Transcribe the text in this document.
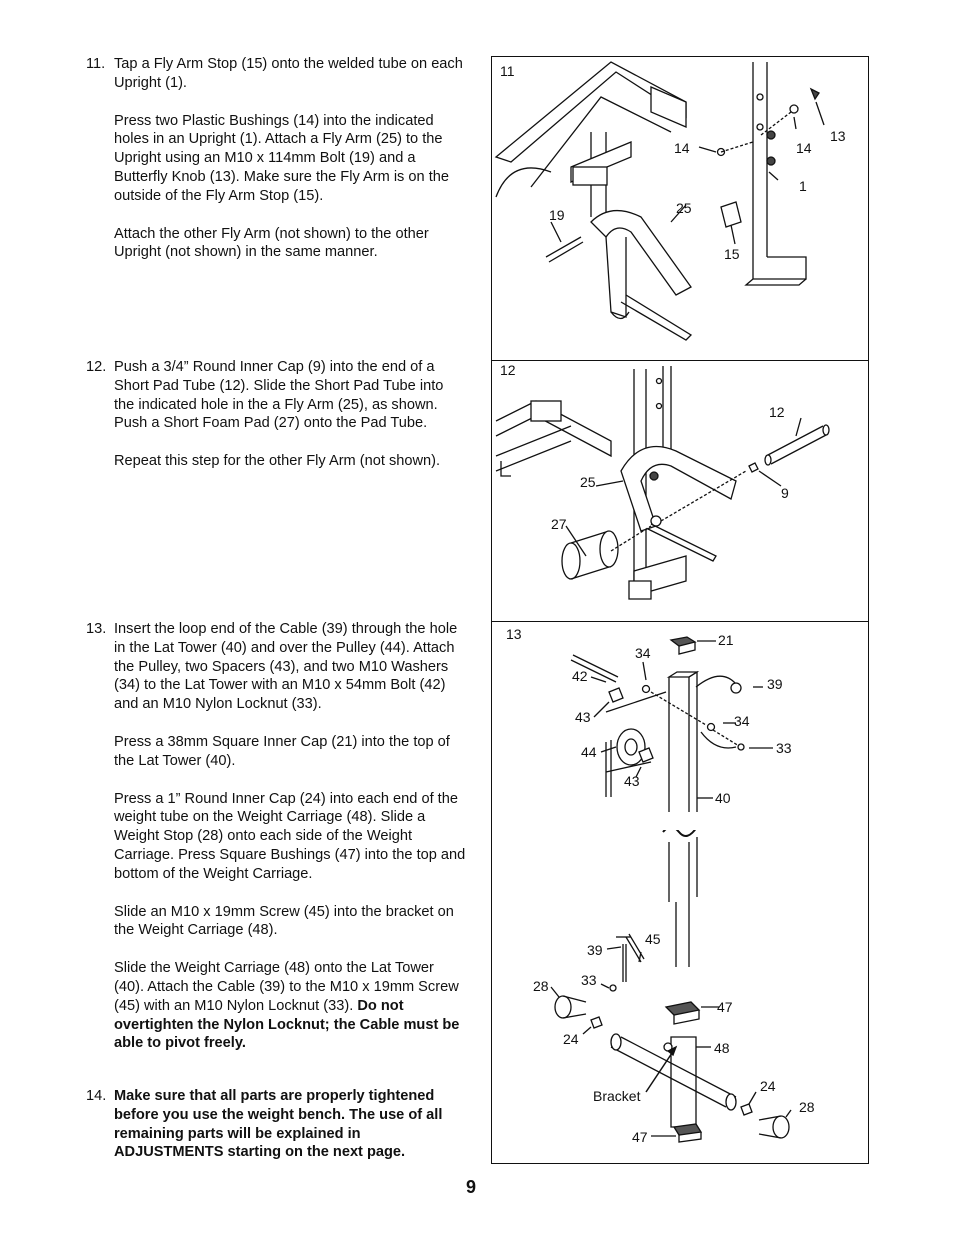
11. Tap a Fly Arm Stop (15) onto the welded tube on each Upright (1).

Press two Plastic Bushings (14) into the indicated holes in an Upright (1). Attach a Fly Arm (25) to the Upright using an M10 x 114mm Bolt (19) and a Butterfly Knob (13). Make sure the Fly Arm is on the outside of the Fly Arm Stop (15).

Attach the other Fly Arm (not shown) to the other Upright (not shown) in the same manner.

12. Push a 3/4” Round Inner Cap (9) into the end of a Short Pad Tube (12). Slide the Short Pad Tube into the indicated hole in the a Fly Arm (25), as shown. Push a Short Foam Pad (27) onto the Pad Tube.

Repeat this step for the other Fly Arm (not shown).

13. Insert the loop end of the Cable (39) through the hole in the Lat Tower (40) and over the Pulley (44). Attach the Pulley, two Spacers (43), and two M10 Washers (34) to the Lat Tower with an M10 x 54mm Bolt (42) and an M10 Nylon Locknut (33).

Press a 38mm Square Inner Cap (21) into the top of the Lat Tower (40).

Press a 1” Round Inner Cap (24) into each end of the weight tube on the Weight Carriage (48). Slide a Weight Stop (28) onto each side of the Weight Carriage. Press Square Bushings (47) into the top and bottom of the Weight Carriage.

Slide an M10 x 19mm Screw (45) into the bracket on the Weight Carriage (48).

Slide the Weight Carriage (48) onto the Lat Tower (40). Attach the Cable (39) to the M10 x 19mm Screw (45) with an M10 Nylon Locknut (33). Do not overtighten the Nylon Locknut; the Cable must be able to pivot freely.

14. Make sure that all parts are properly tightened before you use the weight bench. The use of all remaining parts will be explained in ADJUSTMENTS starting on the next page.

11
14	14
13
1
25
19
15
12
12
25
9
27
13	21
34
42	39
43	34
33
44
43
40
39
45
33
28
47
24
48
24
Bracket
28
47
9
